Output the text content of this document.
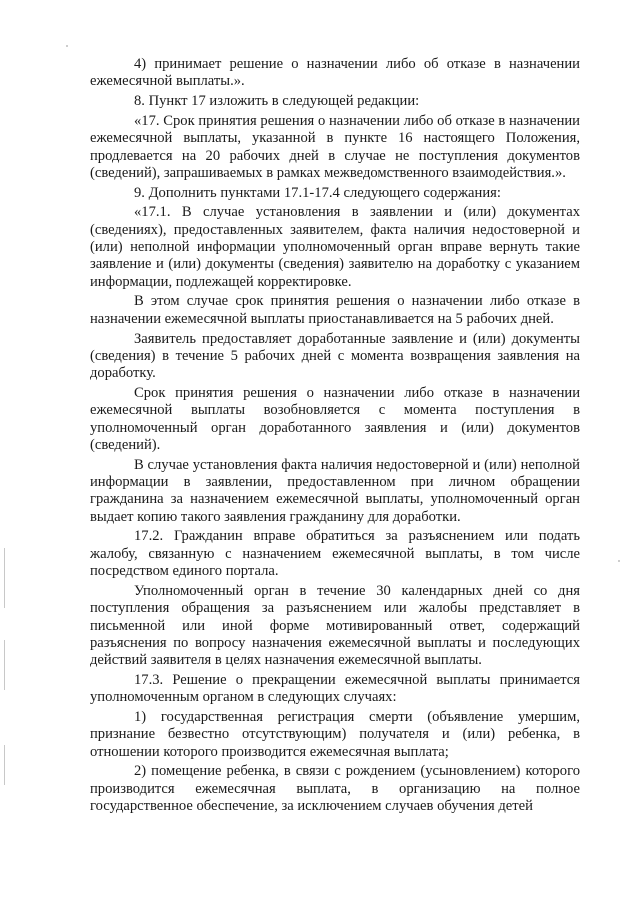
4) принимает решение о назначении либо об отказе в назначении ежемесячной выплаты.».

8. Пункт 17 изложить в следующей редакции:

«17. Срок принятия решения о назначении либо об отказе в назначении ежемесячной выплаты, указанной в пункте 16 настоящего Положения, продлевается на 20 рабочих дней в случае не поступления документов (сведений), запрашиваемых в рамках межведомственного взаимодействия.».

9. Дополнить пунктами 17.1-17.4 следующего содержания:

«17.1. В случае установления в заявлении и (или) документах (сведениях), предоставленных заявителем, факта наличия недостоверной и (или) неполной информации уполномоченный орган вправе вернуть такие заявление и (или) документы (сведения) заявителю на доработку с указанием информации, подлежащей корректировке.

В этом случае срок принятия решения о назначении либо отказе в назначении ежемесячной выплаты приостанавливается на 5 рабочих дней.

Заявитель предоставляет доработанные заявление и (или) документы (сведения) в течение 5 рабочих дней с момента возвращения заявления на доработку.

Срок принятия решения о назначении либо отказе в назначении ежемесячной выплаты возобновляется с момента поступления в уполномоченный орган доработанного заявления и (или) документов (сведений).

В случае установления факта наличия недостоверной и (или) неполной информации в заявлении, предоставленном при личном обращении гражданина за назначением ежемесячной выплаты, уполномоченный орган выдает копию такого заявления гражданину для доработки.

17.2. Гражданин вправе обратиться за разъяснением или подать жалобу, связанную с назначением ежемесячной выплаты, в том числе посредством единого портала.

Уполномоченный орган в течение 30 календарных дней со дня поступления обращения за разъяснением или жалобы представляет в письменной или иной форме мотивированный ответ, содержащий разъяснения по вопросу назначения ежемесячной выплаты и последующих действий заявителя в целях назначения ежемесячной выплаты.

17.3. Решение о прекращении ежемесячной выплаты принимается уполномоченным органом в следующих случаях:

1) государственная регистрация смерти (объявление умершим, признание безвестно отсутствующим) получателя и (или) ребенка, в отношении которого производится ежемесячная выплата;

2) помещение ребенка, в связи с рождением (усыновлением) которого производится ежемесячная выплата, в организацию на полное государственное обеспечение, за исключением случаев обучения детей
